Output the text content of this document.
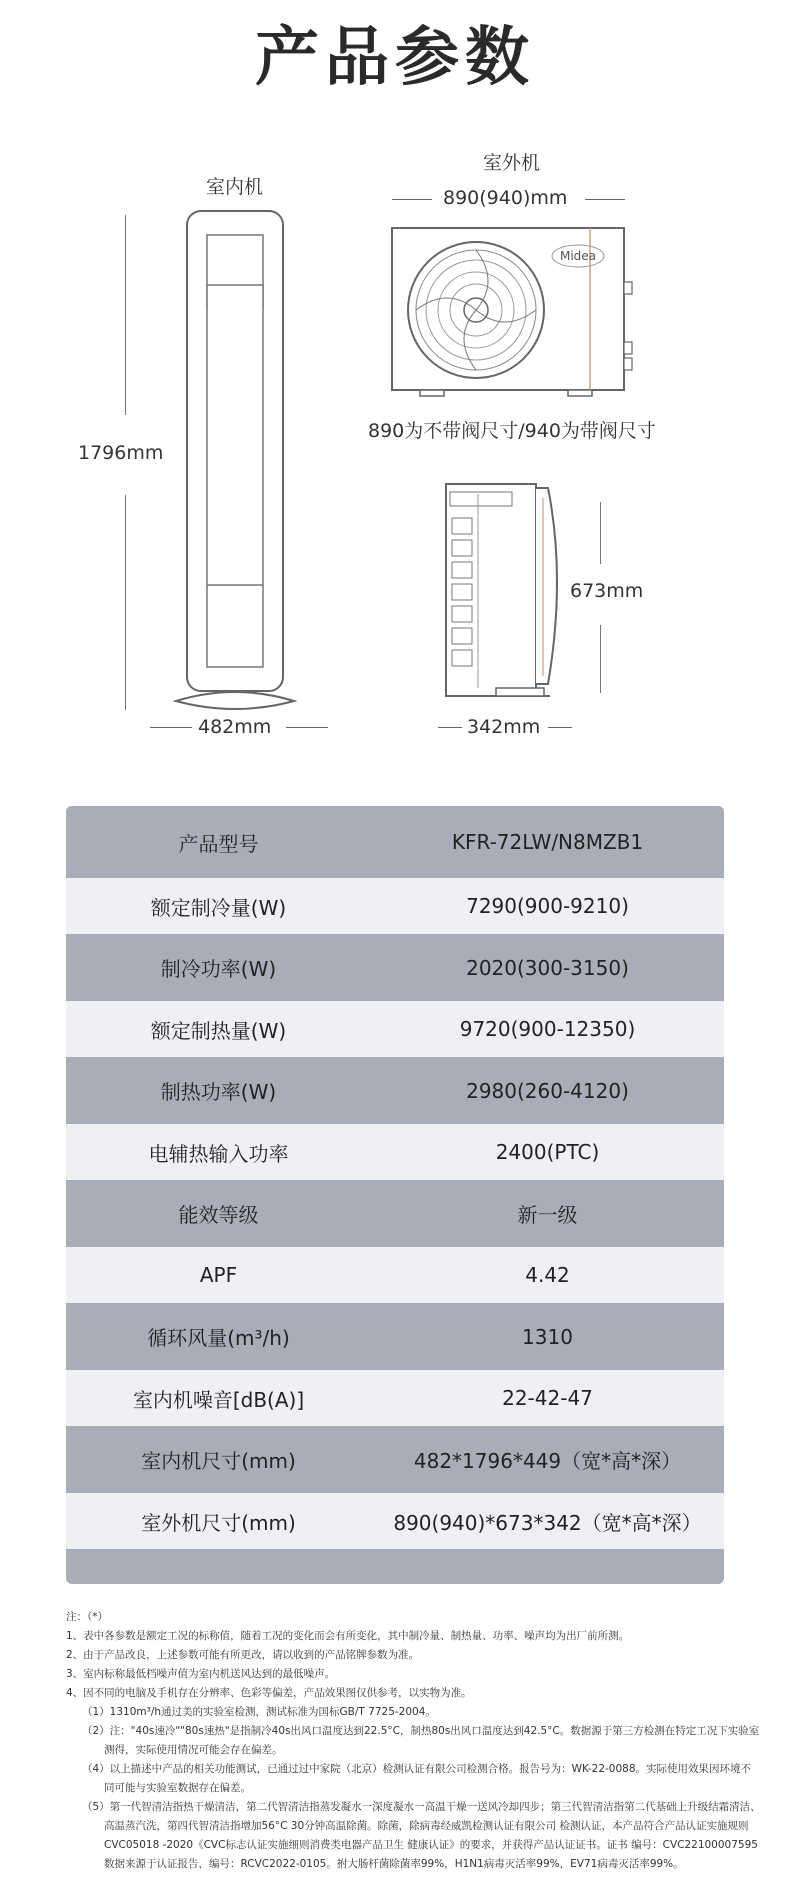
产品参数
室内机
1796mm
482mm
室外机
890(940)mm
Midea
890为不带阀尺寸/940为带阀尺寸
673mm
342mm
产品型号	KFR-72LW/N8MZB1
额定制冷量(W)	7290(900-9210)
制冷功率(W)	2020(300-3150)
额定制热量(W)	9720(900-12350)
制热功率(W)	2980(260-4120)
电辅热输入功率	2400(PTC)
能效等级	新一级
APF	4.42
循环风量(m³/h)	1310
室内机噪音[dB(A)]	22-42-47
室内机尺寸(mm)	482*1796*449（宽*高*深）
室外机尺寸(mm)	890(940)*673*342（宽*高*深）
注：（*）
1、表中各参数是额定工况的标称值，随着工况的变化而会有所变化，其中制冷量、制热量、功率、噪声均为出厂前所测。
2、由于产品改良，上述参数可能有所更改，请以收到的产品铭牌参数为准。
3、室内标称最低档噪声值为室内机送风达到的最低噪声。
4、因不同的电脑及手机存在分辨率、色彩等偏差，产品效果图仅供参考，以实物为准。
（1）1310m³/h通过美的实验室检测，测试标准为国标GB/T 7725-2004。
（2）注："40s速冷""80s速热"是指制冷40s出风口温度达到22.5°C，制热80s出风口温度达到42.5°C。数据源于第三方检测在特定工况下实验室
测得，实际使用情况可能会存在偏差。
（4）以上描述中产品的相关功能测试，已通过过中家院（北京）检测认证有限公司检测合格。报告号为：WK-22-0088。实际使用效果因环境不
同可能与实验室数据存在偏差。
（5）第一代智清洁指热干燥清洁，第二代智清洁指蒸发凝水一深度凝水一高温干燥一送风冷却四步；第三代智清洁指第二代基础上升级结霜清洁、
高温蒸汽洗，第四代智清洁指增加56°C 30分钟高温除菌。除菌，除病毒经威凯检测认证有限公司 检测认证，本产品符合产品认证实施规则
CVC05018 -2020《CVC标志认证实施细则消费类电器产品卫生 健康认证》的要求，并获得产品认证证书。证书 编号：CVC22100007595
数据来源于认证报告，编号：RCVC2022-0105。拊大肠杆菌除菌率99%，H1N1病毒灭活率99%，EV71病毒灭活率99%。
